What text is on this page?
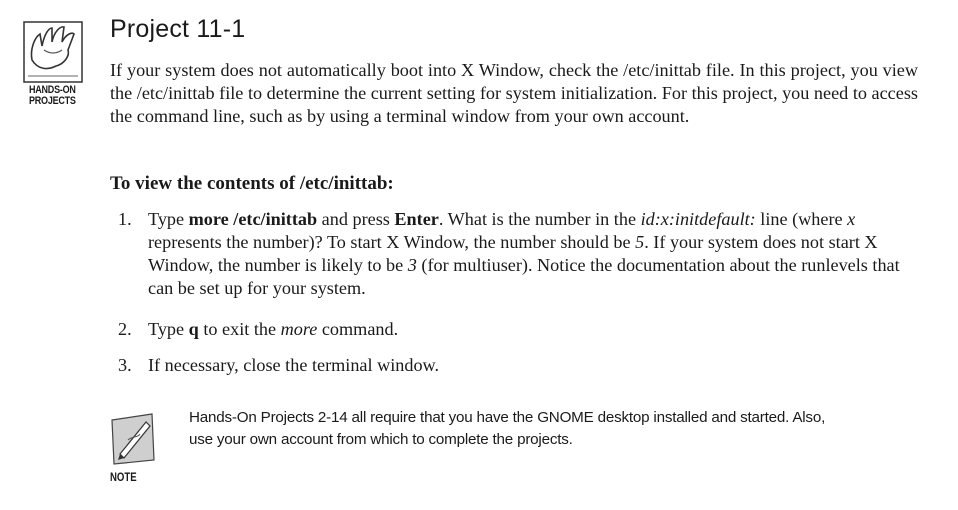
HANDS-ON
PROJECTS
Project 11-1

If your system does not automatically boot into X Window, check the /etc/inittab file. In this project, you view the /etc/inittab file to determine the current setting for system initialization. For this project, you need to access the command line, such as by using a terminal window from your own account.

To view the contents of /etc/inittab:
1. Type more /etc/inittab and press Enter. What is the number in the id:x:initdefault: line (where x represents the number)? To start X Window, the number should be 5. If your system does not start X Window, the number is likely to be 3 (for multiuser). Notice the documentation about the runlevels that can be set up for your system.
2. Type q to exit the more command.
3. If necessary, close the terminal window.
NOTE

Hands-On Projects 2-14 all require that you have the GNOME desktop installed and started. Also, use your own account from which to complete the projects.
